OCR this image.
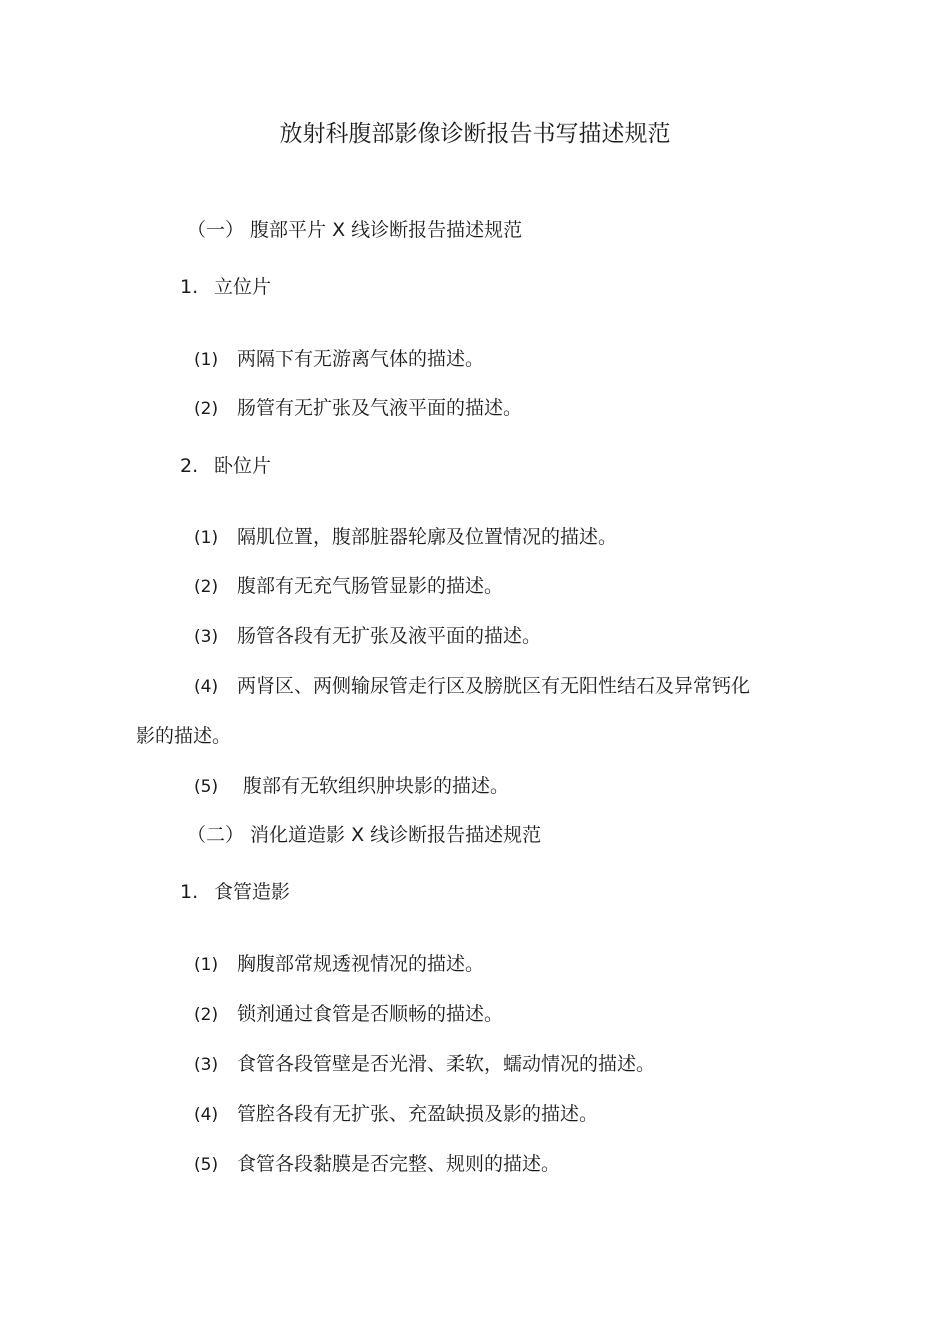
放射科腹部影像诊断报告书写描述规范
（一） 腹部平片 X 线诊断报告描述规范
1. 立位片
(1) 两隔下有无游离气体的描述。
(2) 肠管有无扩张及气液平面的描述。
2. 卧位片
(1) 隔肌位置，腹部脏器轮廓及位置情况的描述。
(2) 腹部有无充气肠管显影的描述。
(3) 肠管各段有无扩张及液平面的描述。
(4) 两肾区、两侧输尿管走行区及膀胱区有无阳性结石及异常钙化
影的描述。
(5) 腹部有无软组织肿块影的描述。
（二） 消化道造影 X 线诊断报告描述规范
1. 食管造影
(1) 胸腹部常规透视情况的描述。
(2) 锁剂通过食管是否顺畅的描述。
(3) 食管各段管壁是否光滑、柔软，蠕动情况的描述。
(4) 管腔各段有无扩张、充盈缺损及影的描述。
(5) 食管各段黏膜是否完整、规则的描述。
